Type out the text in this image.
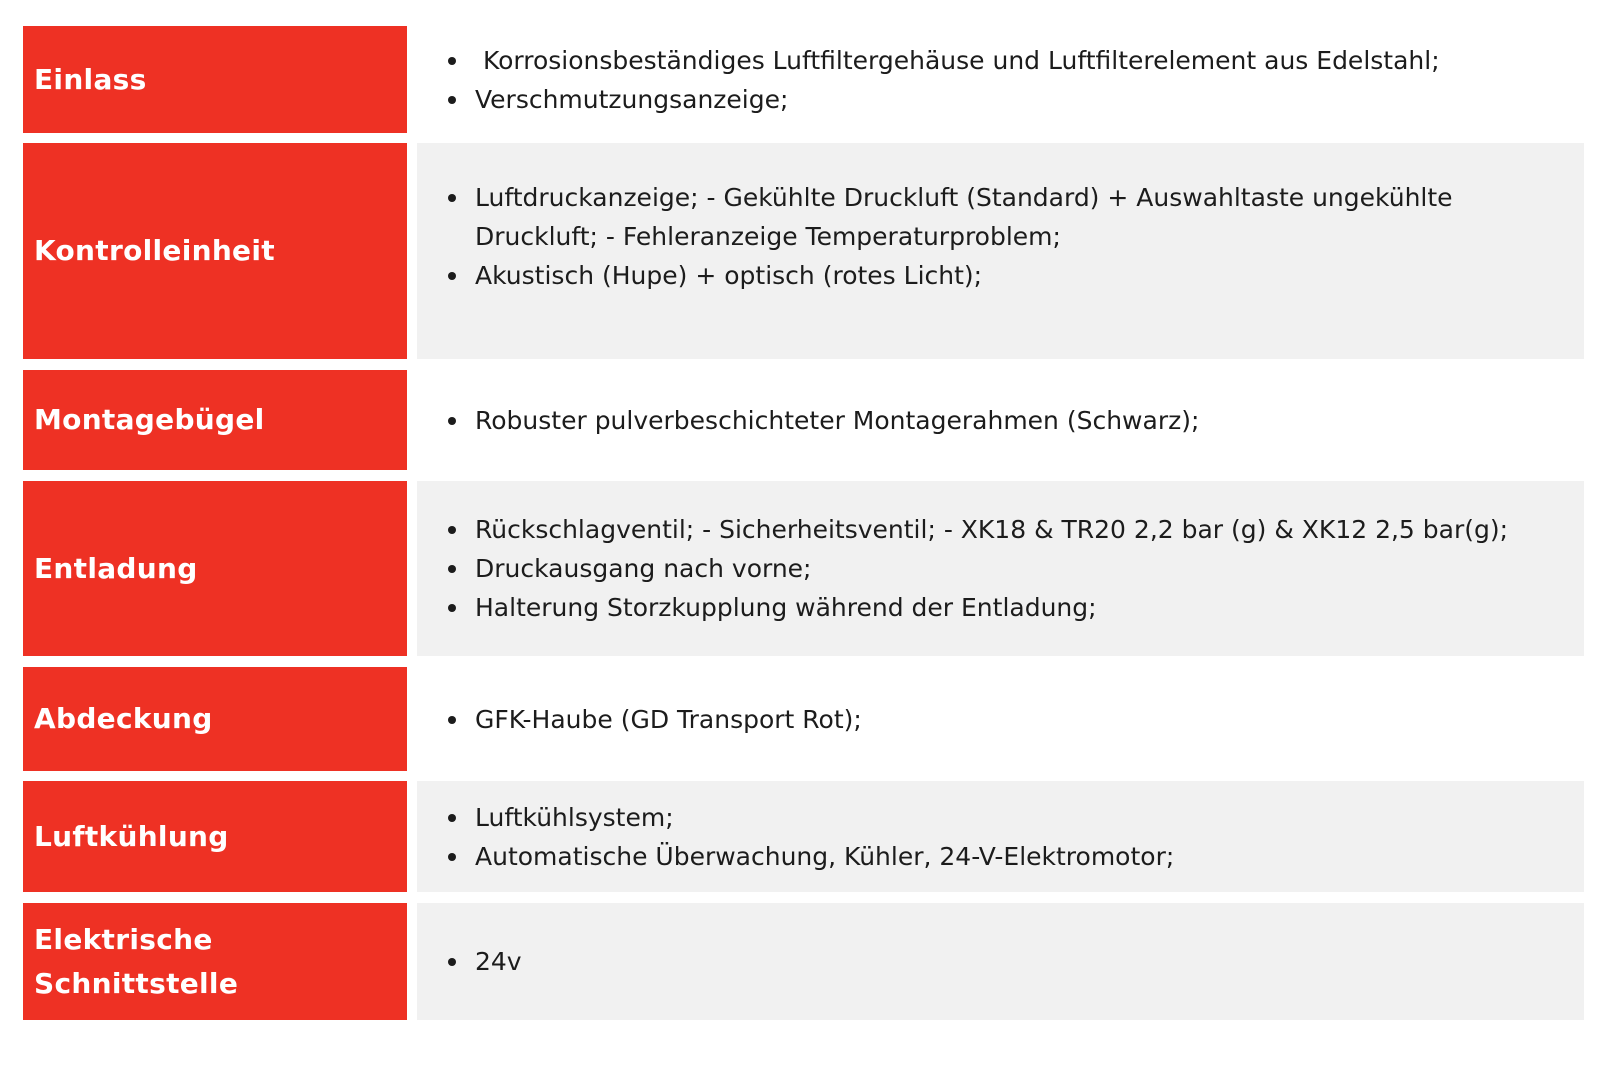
Einlass
Korrosionsbeständiges Luftfiltergehäuse und Luftfilterelement aus Edelstahl;
Verschmutzungsanzeige;
Kontrolleinheit
Luftdruckanzeige; - Gekühlte Druckluft (Standard) + Auswahltaste ungekühlte Druckluft; - Fehleranzeige Temperaturproblem;
Akustisch (Hupe) + optisch (rotes Licht);
Montagebügel	Robuster pulverbeschichteter Montagerahmen (Schwarz);
Entladung
Rückschlagventil; - Sicherheitsventil; - XK18 & TR20 2,2 bar (g) & XK12 2,5 bar(g);
Druckausgang nach vorne;
Halterung Storzkupplung während der Entladung;
Abdeckung	GFK-Haube (GD Transport Rot);
Luftkühlung
Luftkühlsystem;
Automatische Überwachung, Kühler, 24-V-Elektromotor;
Elektrische
Schnittstelle
24v
